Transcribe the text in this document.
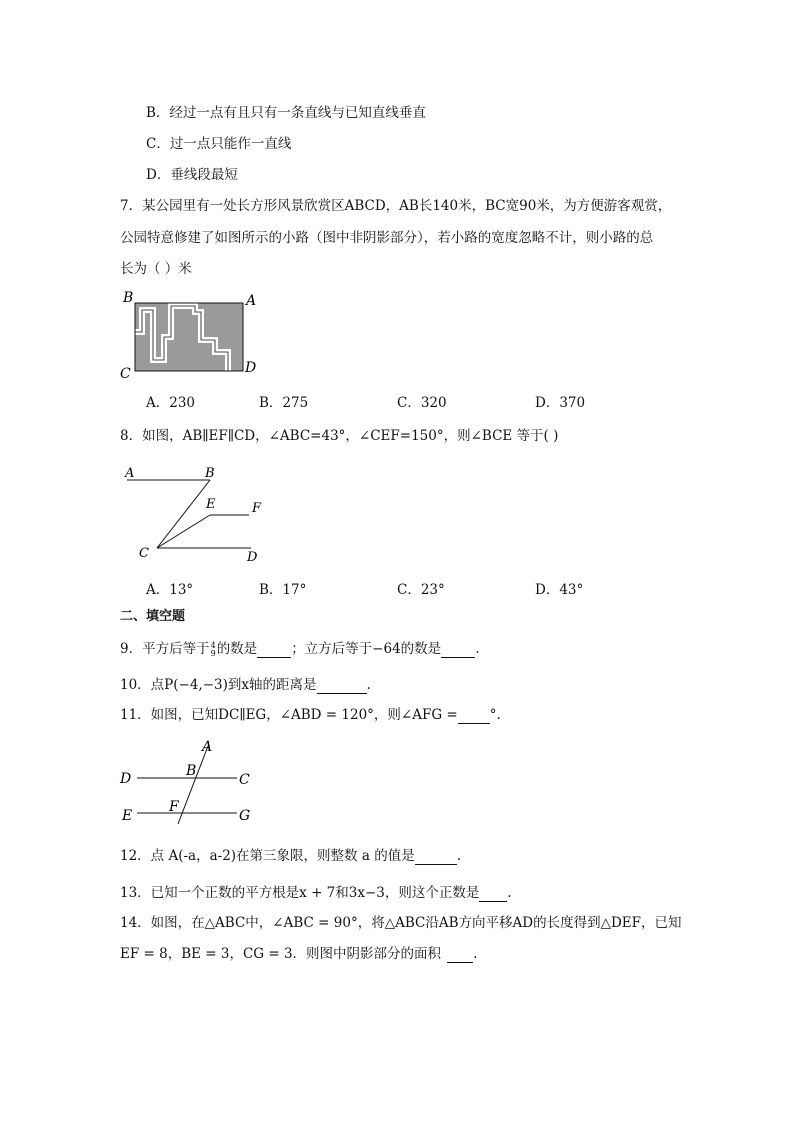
B．经过一点有且只有一条直线与已知直线垂直
C．过一点只能作一直线
D．垂线段最短
7．某公园里有一处长方形风景欣赏区ABCD，AB长140米，BC宽90米，为方便游客观赏，
公园特意修建了如图所示的小路（图中非阴影部分），若小路的宽度忽略不计，则小路的总
长为（ ）米
B	A
C	D
A．230	B．275	C．320	D．370
8．如图，AB∥EF∥CD，∠ABC=43°，∠CEF=150°，则∠BCE 等于( )
A	B
E	F
C	D
A．13°	B．17°	C．23°	D．43°
二、填空题
9．平方后等于 4
9 的数是	；立方后等于−64的数是	.
10．点P(−4,−3)到x轴的距离是	.
11．如图，已知DC∥EG，∠ABD = 120°，则∠AFG = °.
A
B
D	C
F
E	G
12．点 A(-a，a-2)在第三象限，则整数 a 的值是	.
13．已知一个正数的平方根是x + 7和3x−3，则这个正数是 .
14．如图，在△ABC中，∠ABC = 90°，将△ABC沿AB方向平移AD的长度得到△DEF，已知
EF = 8，BE = 3，CG = 3．则图中阴影部分的面积 .
